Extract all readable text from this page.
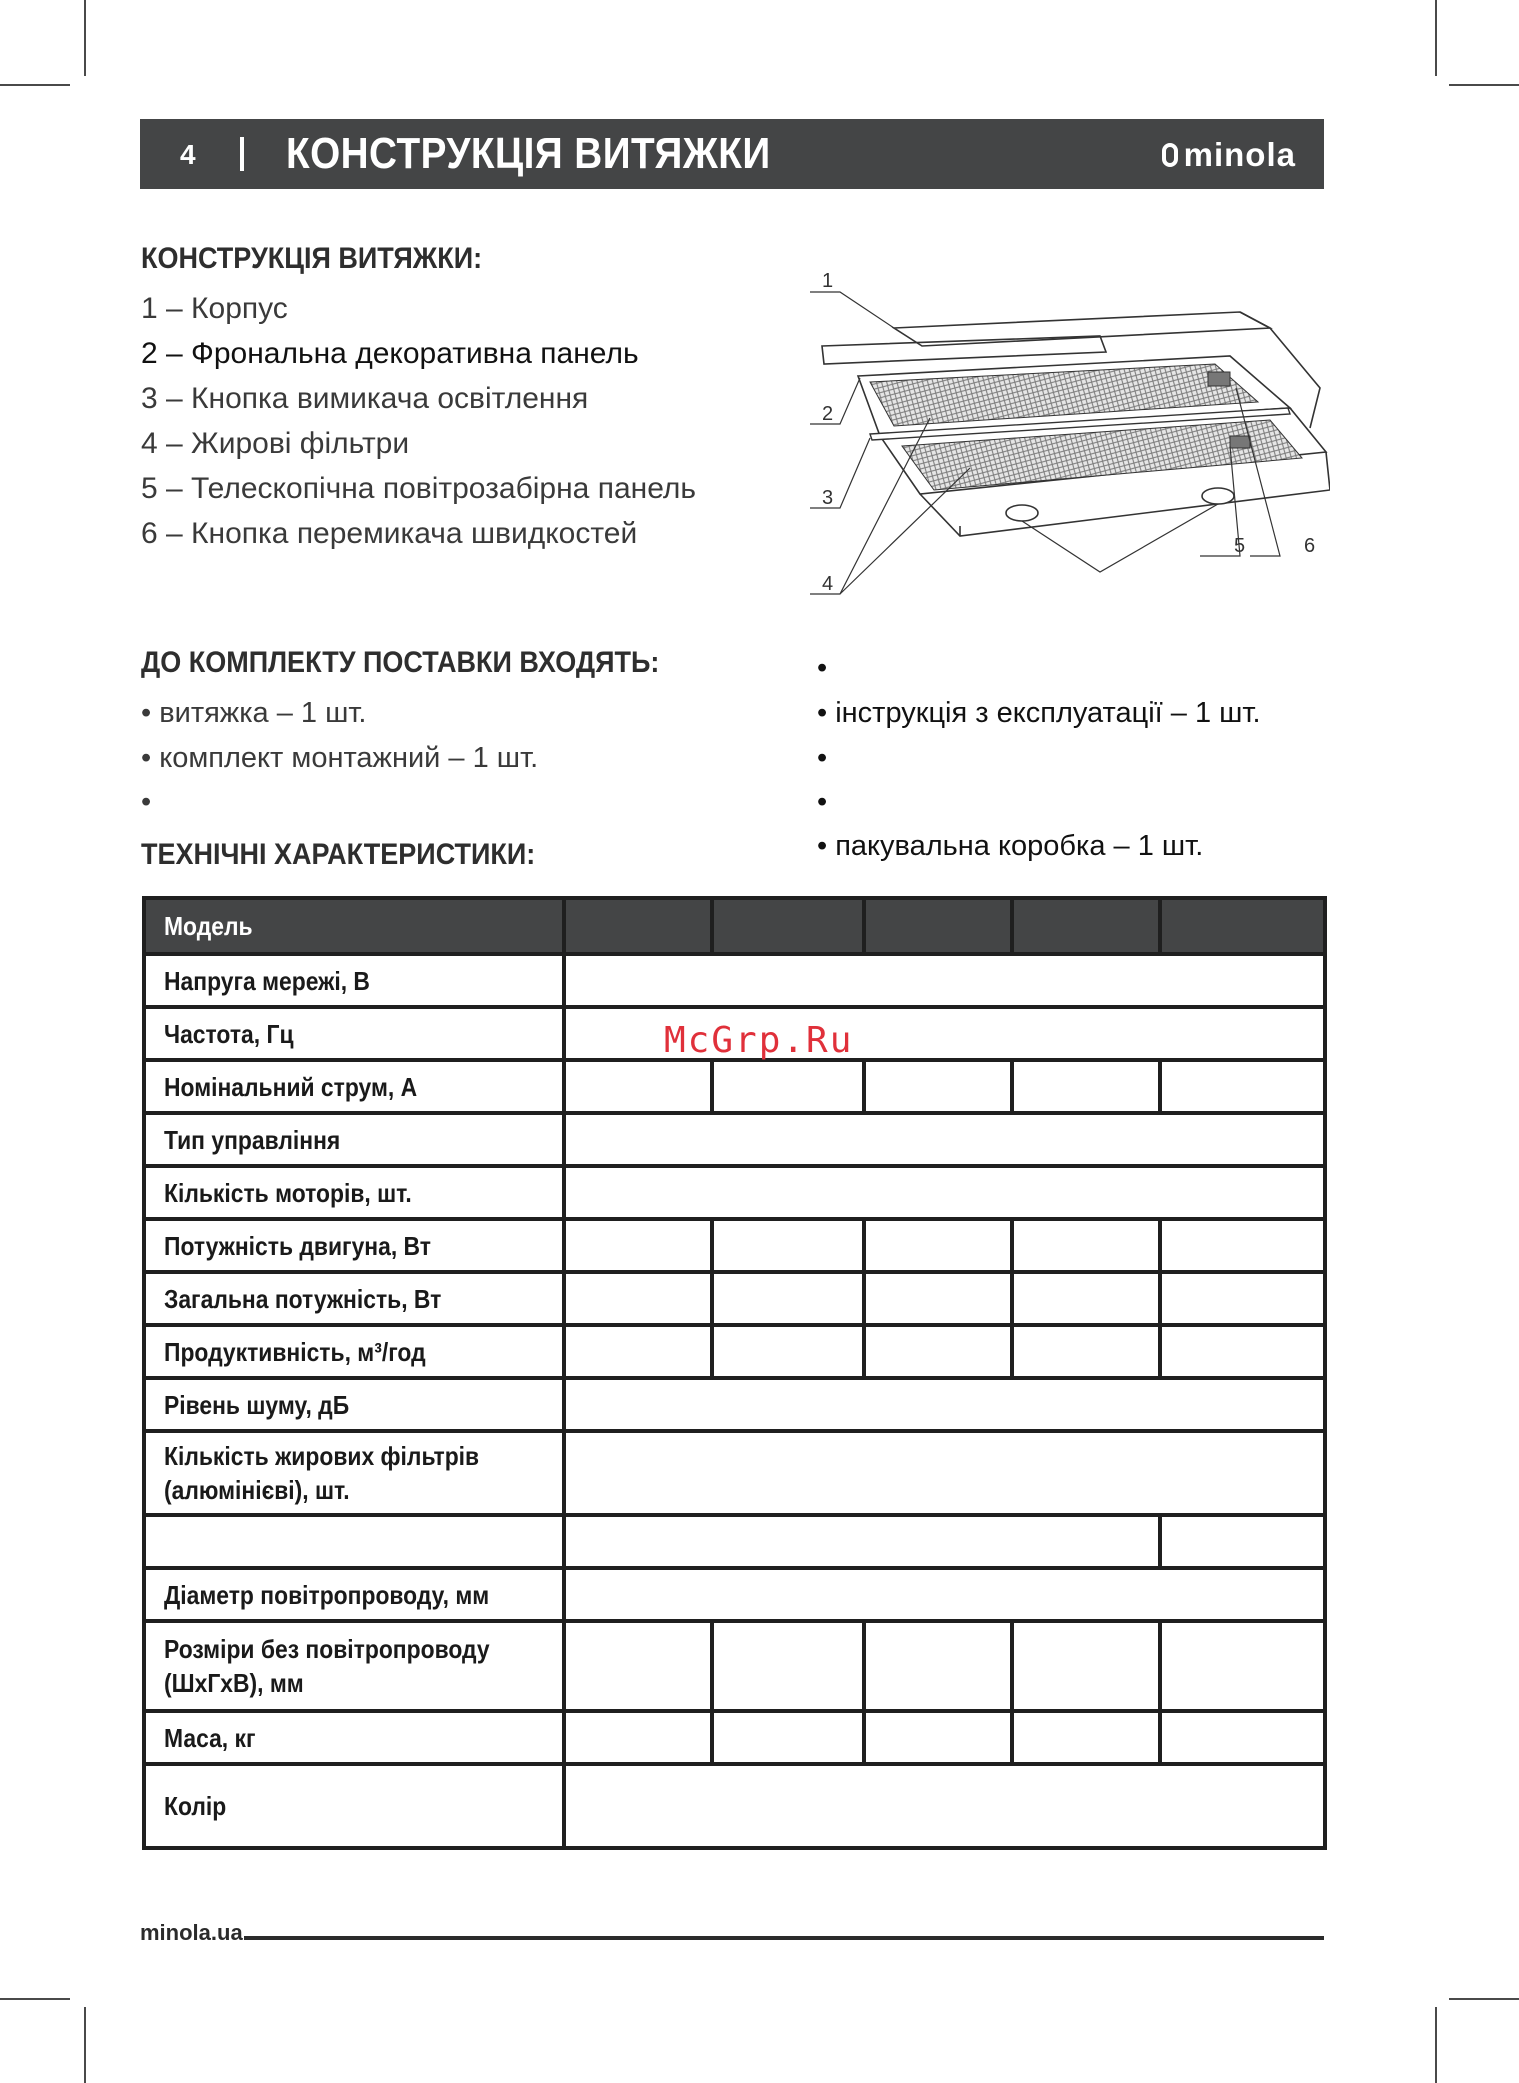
4 КОНСТРУКЦІЯ ВИТЯЖКИ	minola
КОНСТРУКЦІЯ ВИТЯЖКИ:
1 – Корпус
2 – Фрональна декоративна панель
3 – Кнопка вимикача освітлення
4 – Жирові фільтри
5 – Телескопічна повітрозабірна панель
6 – Кнопка перемикача швидкостей
1
2
3
4
5	6
ДО КОМПЛЕКТУ ПОСТАВКИ ВХОДЯТЬ:
• витяжка – 1 шт.
• комплект монтажний – 1 шт.
•
•
• інструкція з експлуатації – 1 шт.
•
•
• пакувальна коробка – 1 шт.
ТЕХНІЧНІ ХАРАКТЕРИСТИКИ:
Модель					
Напруга мережі, В					
Частота, Гц					
Номінальний струм, А					
Тип управління					
Кількість моторів, шт.					
Потужність двигуна, Вт					
Загальна потужність, Вт					
Продуктивність, м³/год					
Рівень шуму, дБ					
Кількість жирових фільтрів
(алюмінієві), шт.					

Діаметр повітропроводу, мм					
Розміри без повітропроводу
(ШхГхВ), мм					
Маса, кг					
Колір					
McGrp.Ru
minola.ua
